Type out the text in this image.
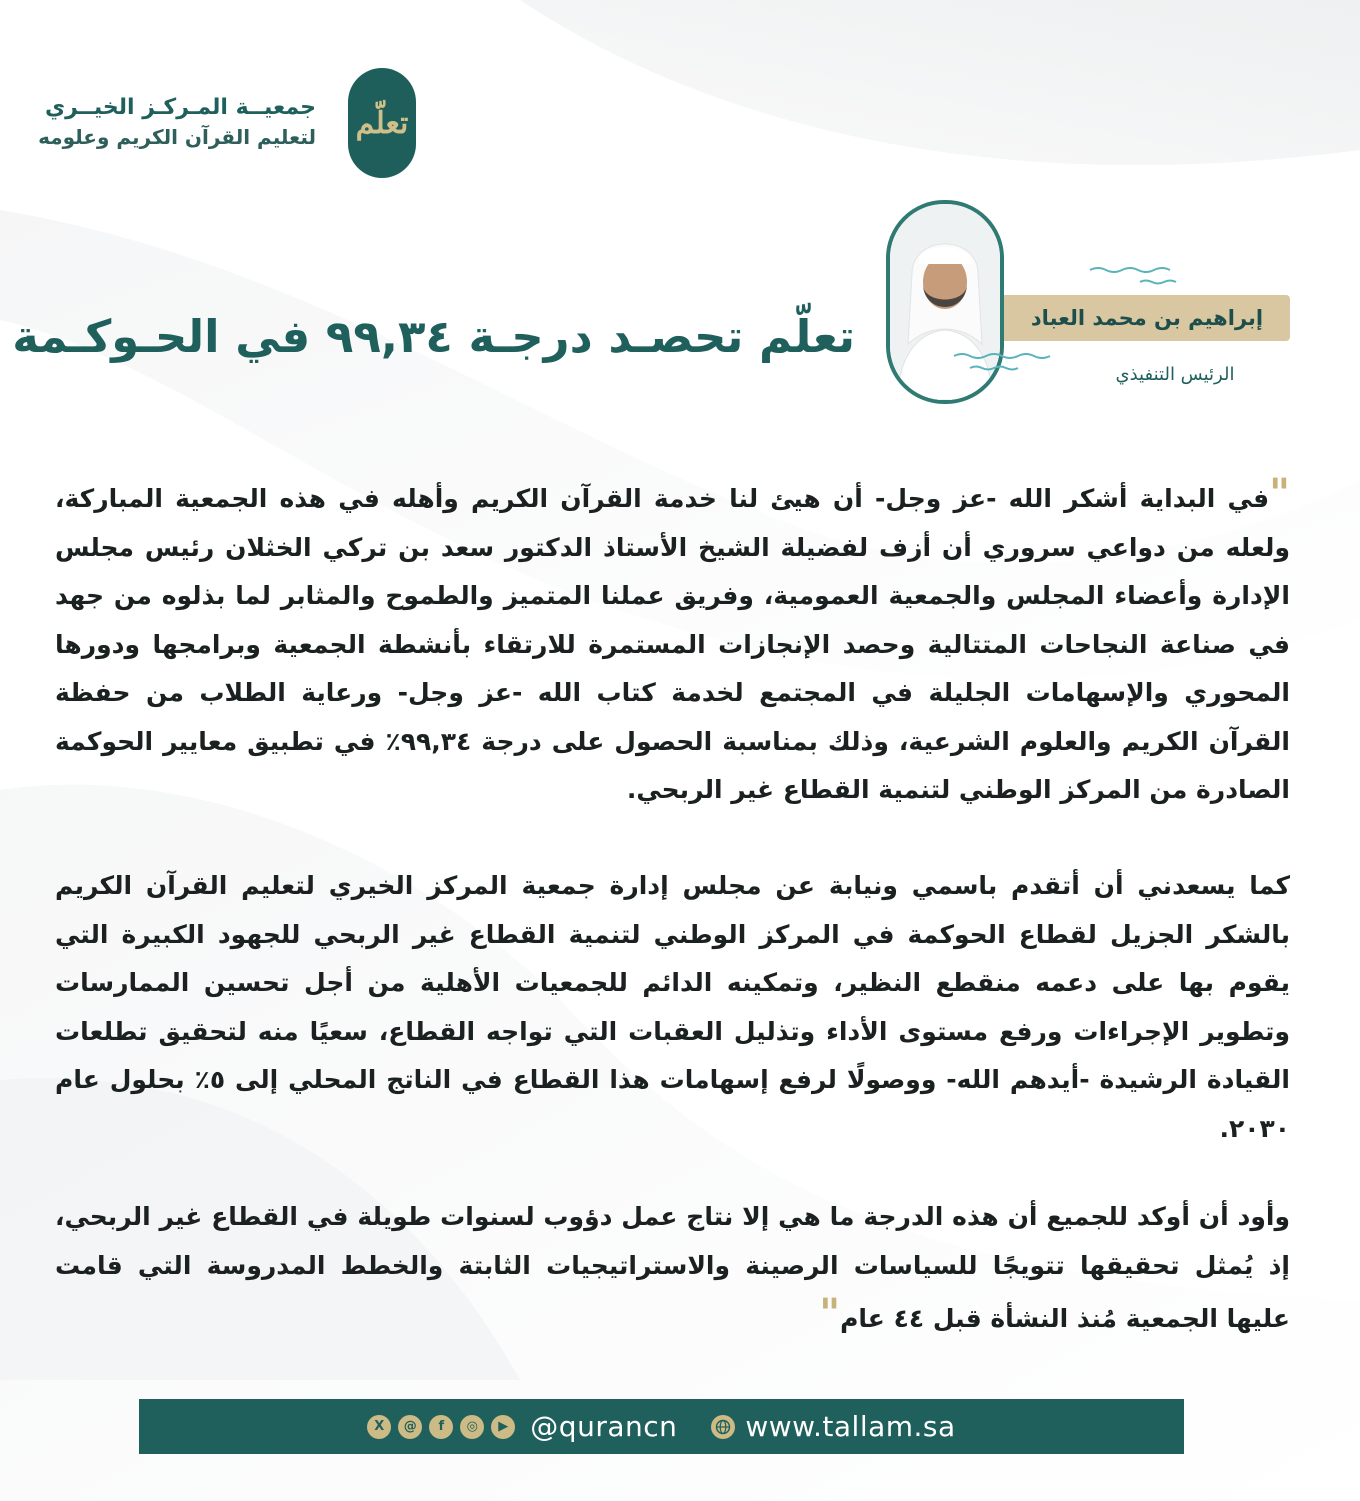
جمعيــة المـركـز الخيــري
لتعليم القرآن الكريم وعلومه تعلّم
تعلّم تحصـد درجـة ٩٩,٣٤ في الحـوكـمة	إبراهيم بن محمد العباد
الرئيس التنفيذي
"في البداية أشكر الله -عز وجل- أن هيئ لنا خدمة القرآن الكريم وأهله في هذه الجمعية المباركة، ولعله من دواعي سروري أن أزف لفضيلة الشيخ الأستاذ الدكتور سعد بن تركي الخثلان رئيس مجلس الإدارة وأعضاء المجلس والجمعية العمومية، وفريق عملنا المتميز والطموح والمثابر لما بذلوه من جهد في صناعة النجاحات المتتالية وحصد الإنجازات المستمرة للارتقاء بأنشطة الجمعية وبرامجها ودورها المحوري والإسهامات الجليلة في المجتمع لخدمة كتاب الله -عز وجل- ورعاية الطلاب من حفظة القرآن الكريم والعلوم الشرعية، وذلك بمناسبة الحصول على درجة ٩٩,٣٤٪ في تطبيق معايير الحوكمة الصادرة من المركز الوطني لتنمية القطاع غير الربحي.
كما يسعدني أن أتقدم باسمي ونيابة عن مجلس إدارة جمعية المركز الخيري لتعليم القرآن الكريم بالشكر الجزيل لقطاع الحوكمة في المركز الوطني لتنمية القطاع غير الربحي للجهود الكبيرة التي يقوم بها على دعمه منقطع النظير، وتمكينه الدائم للجمعيات الأهلية من أجل تحسين الممارسات وتطوير الإجراءات ورفع مستوى الأداء وتذليل العقبات التي تواجه القطاع، سعيًا منه لتحقيق تطلعات القيادة الرشيدة -أيدهم الله- ووصولًا لرفع إسهامات هذا القطاع في الناتج المحلي إلى ٥٪ بحلول عام ٢٠٣٠.
وأود أن أوكد للجميع أن هذه الدرجة ما هي إلا نتاج عمل دؤوب لسنوات طويلة في القطاع غير الربحي، إذ يُمثل تحقيقها تتويجًا للسياسات الرصينة والاستراتيجيات الثابتة والخطط المدروسة التي قامت عليها الجمعية مُنذ النشأة قبل ٤٤ عام"
X	@	f	◎	▶ @qurancn www.tallam.sa
